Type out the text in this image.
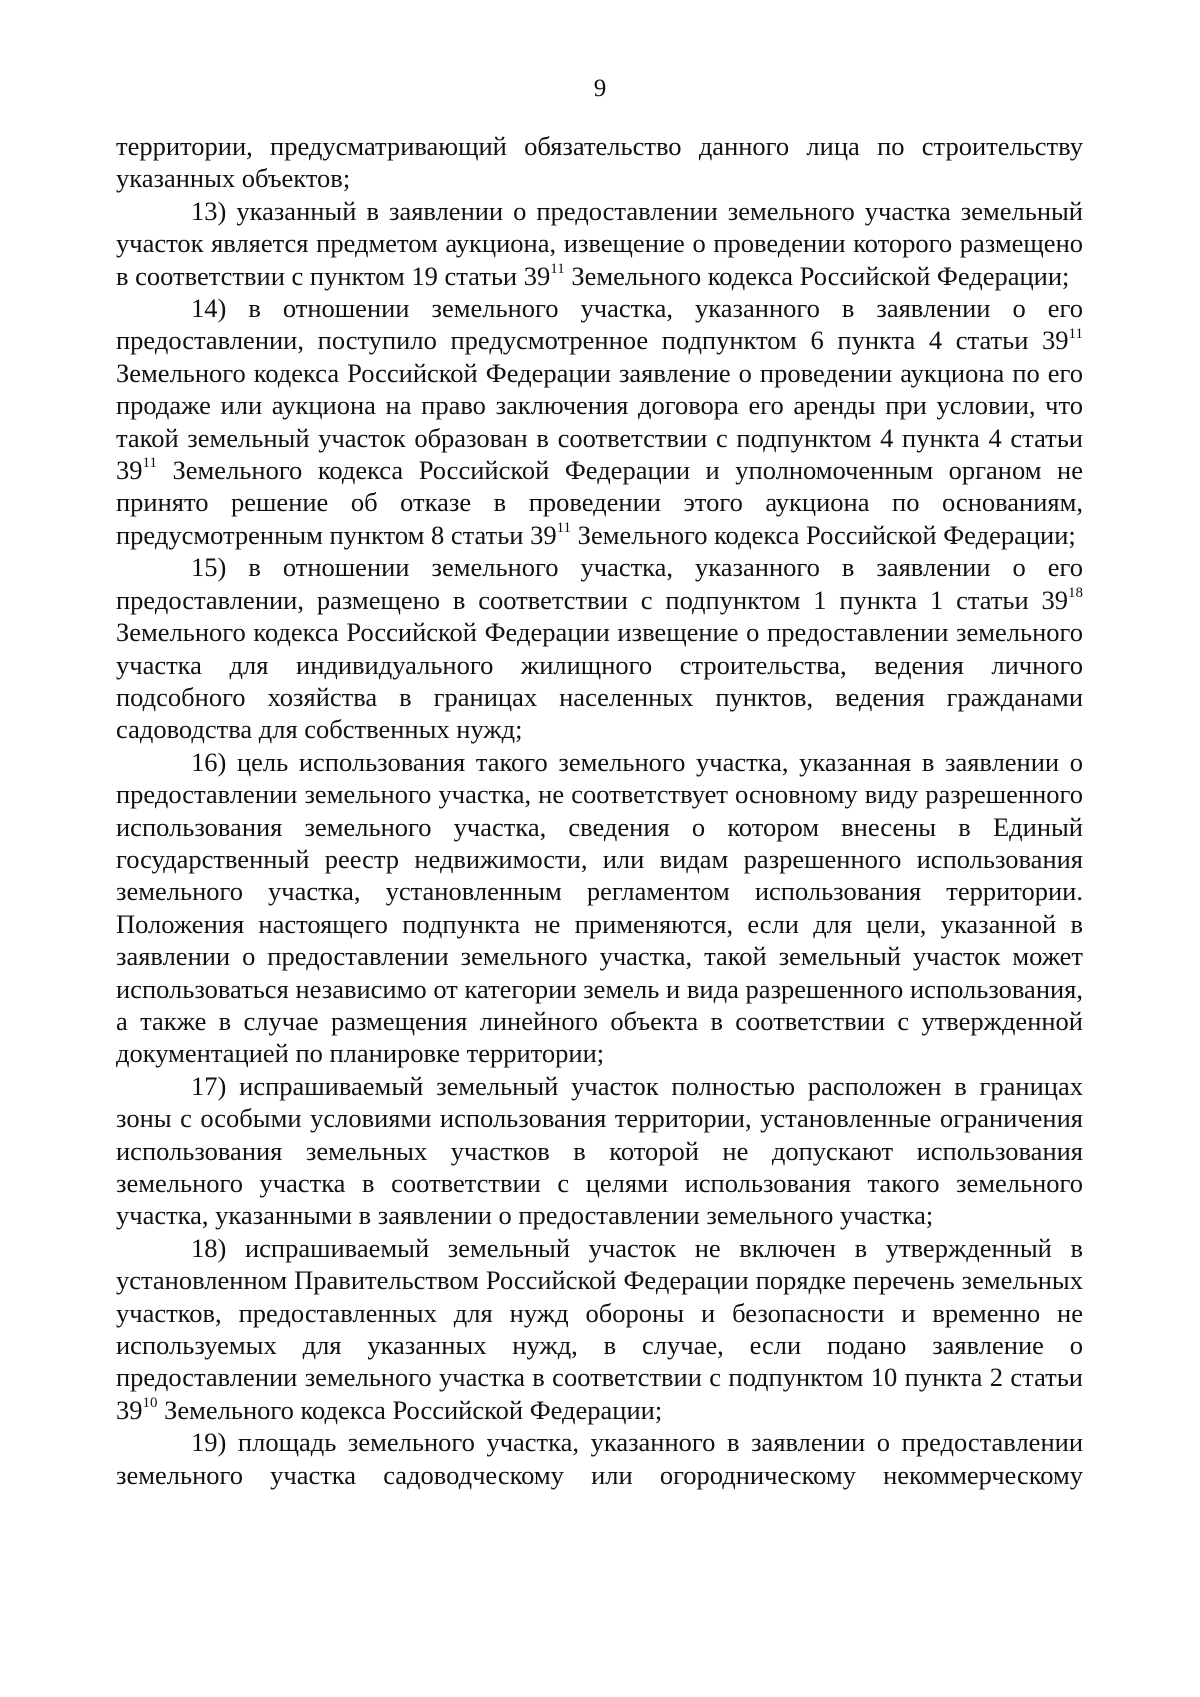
9

территории, предусматривающий обязательство данного лица по строительству указанных объектов;

13) указанный в заявлении о предоставлении земельного участка земельный участок является предметом аукциона, извещение о проведении которого размещено в соответствии с пунктом 19 статьи $39^{11}$ Земельного кодекса Российской Федерации;

14) в отношении земельного участка, указанного в заявлении о его предоставлении, поступило предусмотренное подпунктом 6 пункта 4 статьи $39^{11}$ Земельного кодекса Российской Федерации заявление о проведении аукциона по его продаже или аукциона на право заключения договора его аренды при условии, что такой земельный участок образован в соответствии с подпунктом 4 пункта 4 статьи $39^{11}$ Земельного кодекса Российской Федерации и уполномоченным органом не принято решение об отказе в проведении этого аукциона по основаниям, предусмотренным пунктом 8 статьи $39^{11}$ Земельного кодекса Российской Федерации;

15) в отношении земельного участка, указанного в заявлении о его предоставлении, размещено в соответствии с подпунктом 1 пункта 1 статьи $39^{18}$ Земельного кодекса Российской Федерации извещение о предоставлении земельного участка для индивидуального жилищного строительства, ведения личного подсобного хозяйства в границах населенных пунктов, ведения гражданами садоводства для собственных нужд;

16) цель использования такого земельного участка, указанная в заявлении о предоставлении земельного участка, не соответствует основному виду разрешенного использования земельного участка, сведения о котором внесены в Единый государственный реестр недвижимости, или видам разрешенного использования земельного участка, установленным регламентом использования территории. Положения настоящего подпункта не применяются, если для цели, указанной в заявлении о предоставлении земельного участка, такой земельный участок может использоваться независимо от категории земель и вида разрешенного использования, а также в случае размещения линейного объекта в соответствии с утвержденной документацией по планировке территории;

17) испрашиваемый земельный участок полностью расположен в границах зоны с особыми условиями использования территории, установленные ограничения использования земельных участков в которой не допускают использования земельного участка в соответствии с целями использования такого земельного участка, указанными в заявлении о предоставлении земельного участка;

18) испрашиваемый земельный участок не включен в утвержденный в установленном Правительством Российской Федерации порядке перечень земельных участков, предоставленных для нужд обороны и безопасности и временно не используемых для указанных нужд, в случае, если подано заявление о предоставлении земельного участка в соответствии с подпунктом 10 пункта 2 статьи $39^{10}$ Земельного кодекса Российской Федерации;

19) площадь земельного участка, указанного в заявлении о предоставлении земельного участка садоводческому или огородническому некоммерческому
